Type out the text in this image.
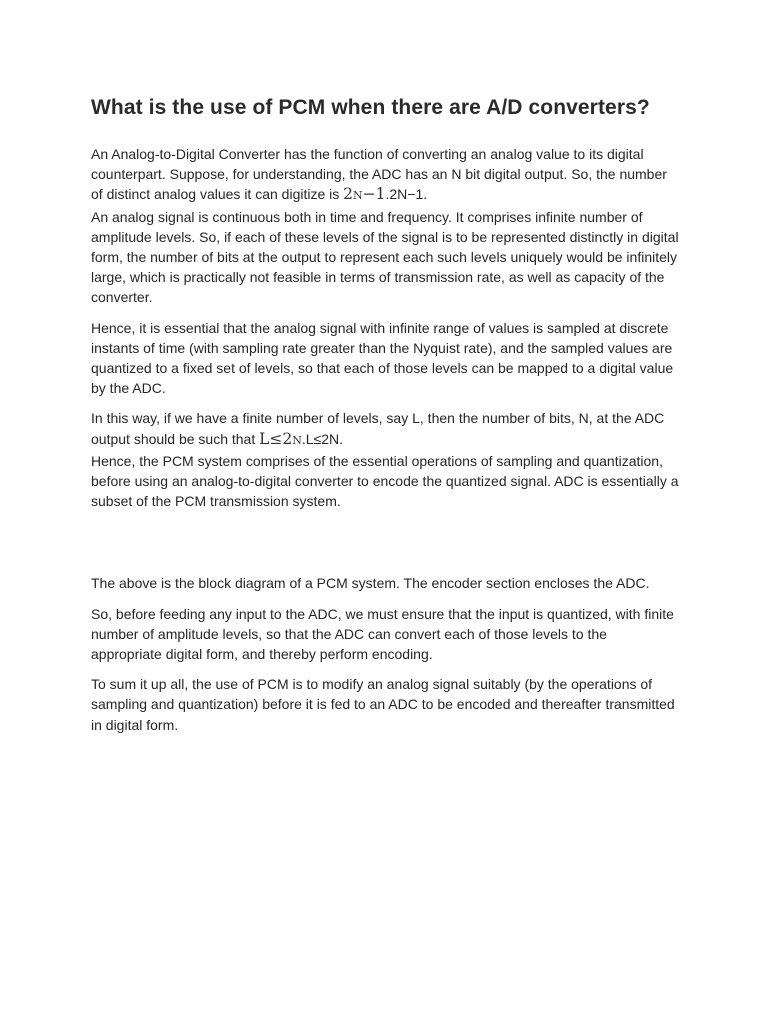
What is the use of PCM when there are A/D converters?

An Analog-to-Digital Converter has the function of converting an analog value to its digital counterpart. Suppose, for understanding, the ADC has an N bit digital output. So, the number of distinct analog values it can digitize is 2N−1.2N−1.

An analog signal is continuous both in time and frequency. It comprises infinite number of amplitude levels. So, if each of these levels of the signal is to be represented distinctly in digital form, the number of bits at the output to represent each such levels uniquely would be infinitely large, which is practically not feasible in terms of transmission rate, as well as capacity of the converter.

Hence, it is essential that the analog signal with infinite range of values is sampled at discrete instants of time (with sampling rate greater than the Nyquist rate), and the sampled values are quantized to a fixed set of levels, so that each of those levels can be mapped to a digital value by the ADC.

In this way, if we have a finite number of levels, say L, then the number of bits, N, at the ADC output should be such that L≤2N.L≤2N.

Hence, the PCM system comprises of the essential operations of sampling and quantization, before using an analog-to-digital converter to encode the quantized signal. ADC is essentially a subset of the PCM transmission system.

The above is the block diagram of a PCM system. The encoder section encloses the ADC.

So, before feeding any input to the ADC, we must ensure that the input is quantized, with finite number of amplitude levels, so that the ADC can convert each of those levels to the appropriate digital form, and thereby perform encoding.

To sum it up all, the use of PCM is to modify an analog signal suitably (by the operations of sampling and quantization) before it is fed to an ADC to be encoded and thereafter transmitted in digital form.
